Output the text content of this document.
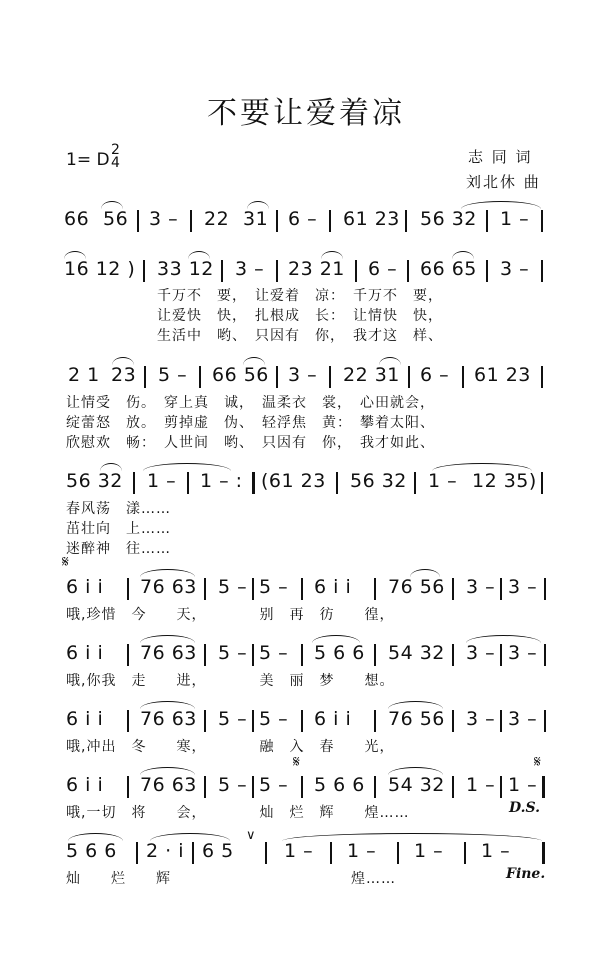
不要让爱着凉
1= D 2
4	志 同 词
刘北休 曲
66 56 3 – 22 31 6 – 61 23 56 32 1 –
16 12 ) 33 12 3 – 23 21 6 – 66 65 3 –
千万不　要，　让爱着　凉：　千万不　要，
让爱快　快，　扎根成　长：　让情快　快，
生活中　哟、　只因有　你，　我才这　样、
2 1 23 5 – 66 56 3 – 22 31 6 – 61 23
让情受　伤。　穿上真　诚，　温柔衣　裳，　心田就会，
绽蕾怒　放。　剪掉虚　伪、　轻浮焦　黄：　攀着太阳、
欣慰欢　畅：　人世间　哟、　只因有　你，　我才如此、
56 32 1 – 1 – : (61 23 56 32 1 – 12 35)
春风荡　漾……
茁壮向　上……
迷醉神　往……
𝄋
6 i i 76 63 5 – 5 – 6 i i 76 56 3 – 3 –
哦,珍惜　今　　天，　　　　别　再　彷　　徨，
6 i i 76 63 5 – 5 – 5 6 6 54 32 3 – 3 –
哦,你我　走　　进，　　　　美　丽　梦　　想。
6 i i 76 63 5 – 5 – 6 i i 76 56 3 – 3 –
哦,冲出　冬　　寒，　　　　融　入　春　　光，
𝄋	𝄋
6 i i 76 63 5 – 5 – 5 6 6 54 32 1 – 1 –
哦,一切　将　　会，　　　　灿　烂　辉　　煌……	D.S.
5 6 6 2 · i 6 5
∨
1 – 1 – 1 – 1 –
灿　　烂　　辉　　　　　　　　　　　　煌……	Fine.
